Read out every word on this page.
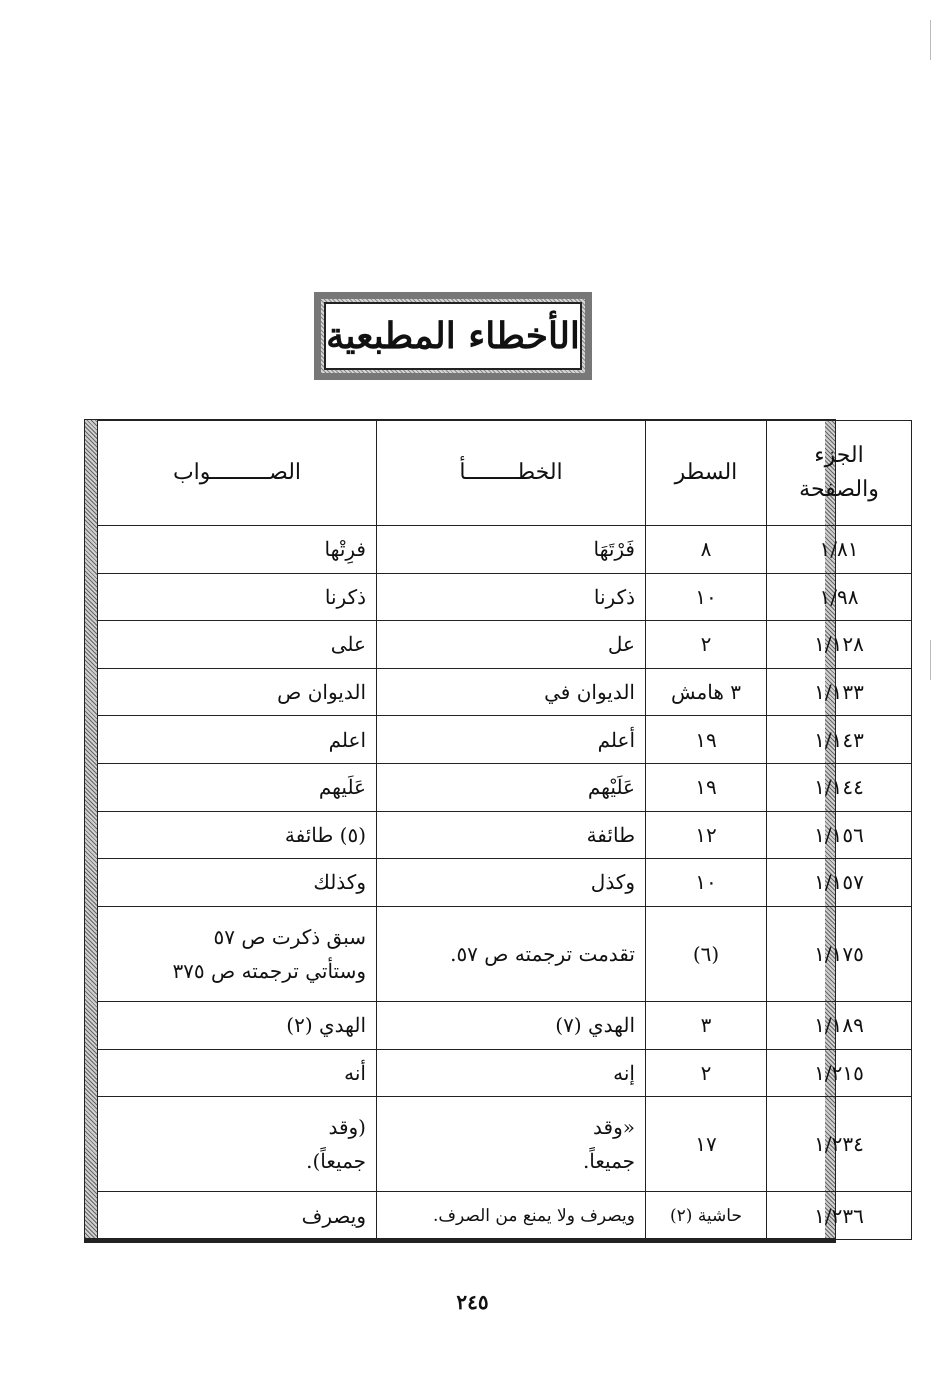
الأخطاء المطبعية
الجزء
والصفحة	السطر	الخطــــــــأ	الصـــــــــواب
١/٨١	٨	فَرْتَهَا	فرِتْها
١/٩٨	١٠	ذكرنا	ذكرنا
١/١٢٨	٢	عل	على
١/١٣٣	٣ هامش	الديوان في	الديوان ص
١/١٤٣	١٩	أعلم	اعلم
١/١٤٤	١٩	عَلَيْهم	عَلَيهم
١/١٥٦	١٢	طائفة	(٥) طائفة
١/١٥٧	١٠	وكذل	وكذلك
١/١٧٥	(٦)	تقدمت ترجمته ص ٥٧.	سبق ذكرت ص ٥٧
وستأتي ترجمته ص ٣٧٥

١/١٨٩	٣	الهدي (٧)	الهدي (٢)
١/٢١٥	٢	إنه	أنه
١/٢٣٤	١٧	«وقد
جميعاً.	(وقد
جميعاً).

١/٢٣٦	حاشية (٢)	ويصرف ولا يمنع من الصرف.	ويصرف
٢٤٥
